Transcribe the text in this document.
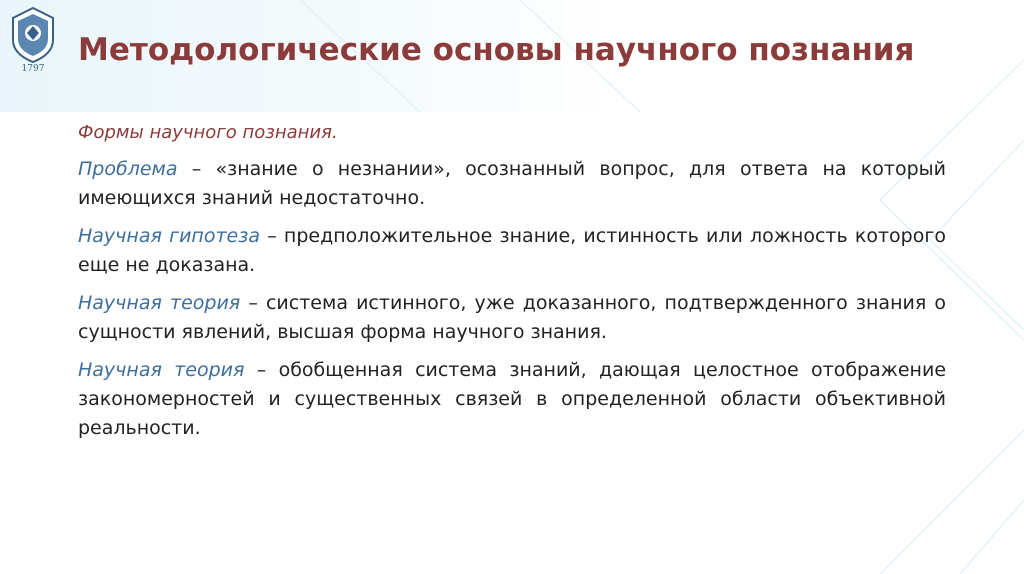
1797
Методологические основы научного познания

Формы научного познания.

Проблема – «знание о незнании», осознанный вопрос, для ответа на который имеющихся знаний недостаточно.

Научная гипотеза – предположительное знание, истинность или ложность которого еще не доказана.

Научная теория – система истинного, уже доказанного, подтвержденного знания о сущности явлений, высшая форма научного знания.

Научная теория – обобщенная система знаний, дающая целостное отображение закономерностей и существенных связей в определенной области объективной реальности.
